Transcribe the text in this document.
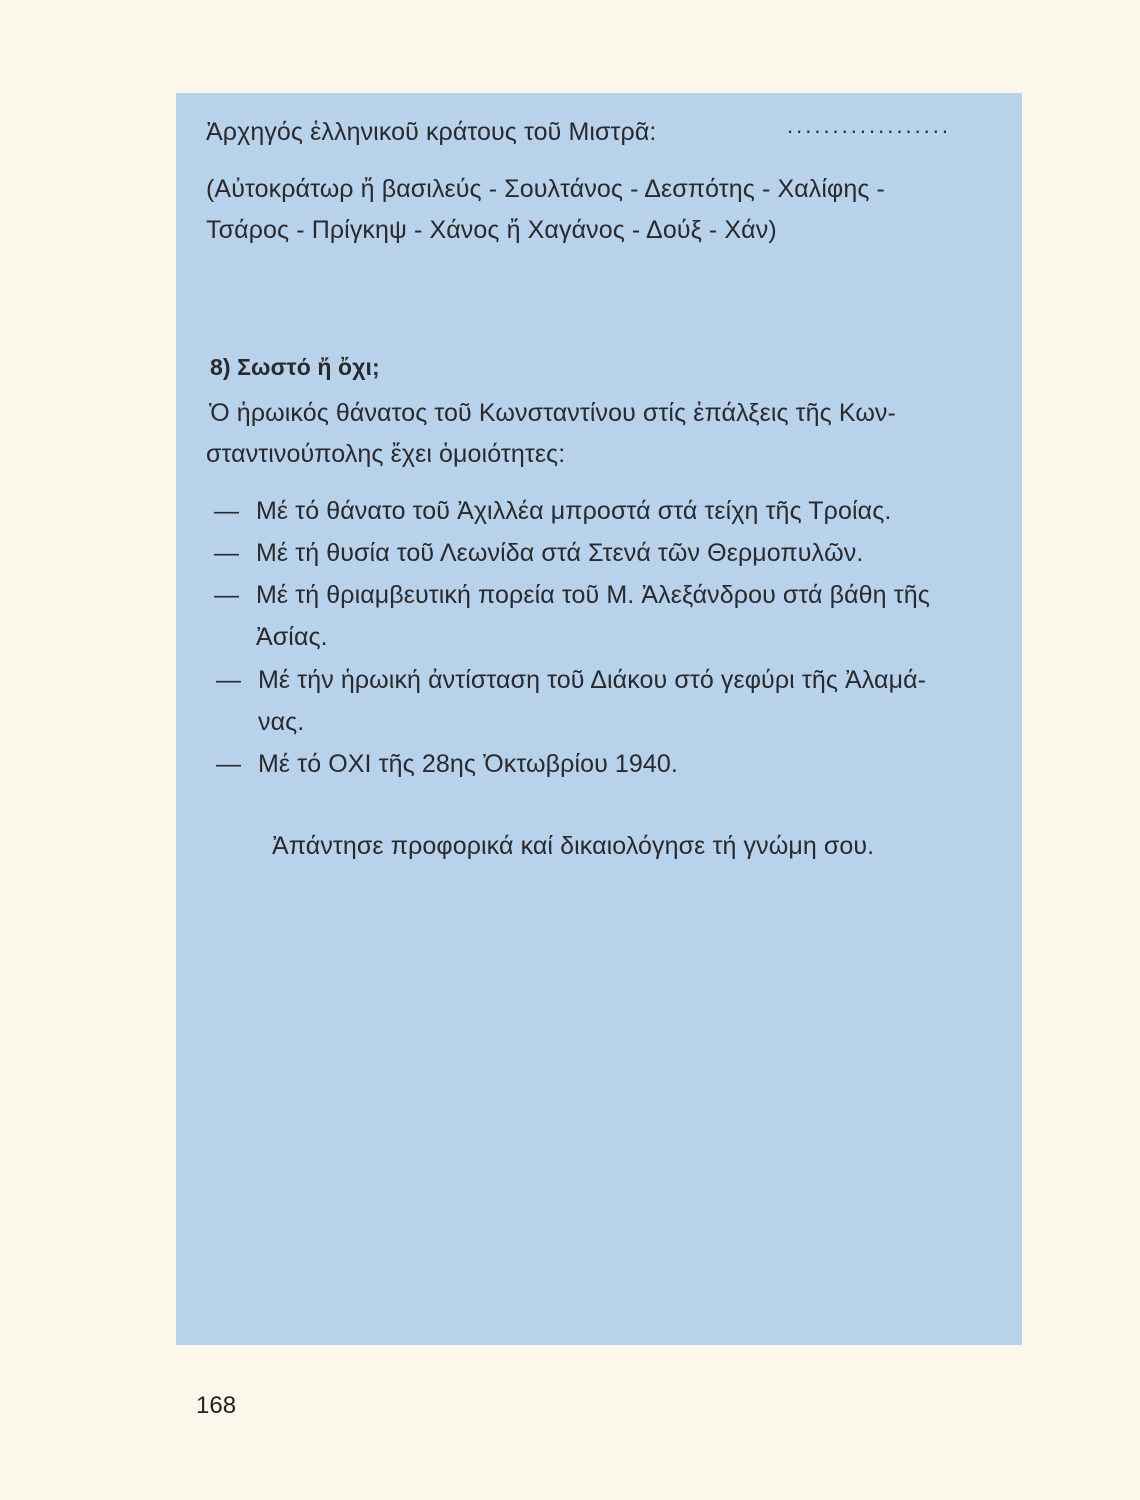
Ἀρχηγός ἑλληνικοῦ κράτους τοῦ Μιστρᾶ:	..................
(Αὐτοκράτωρ ἤ βασιλεύς - Σουλτάνος - Δεσπότης - Χαλίφης -
Τσάρος - Πρίγκηψ - Χάνος ἤ Χαγάνος - Δούξ - Χάν)
8) Σωστό ἤ ὄχι;
Ὁ ἡρωικός θάνατος τοῦ Κωνσταντίνου στίς ἐπάλξεις τῆς Κων-
σταντινούπολης ἔχει ὁμοιότητες:
— Μέ τό θάνατο τοῦ Ἀχιλλέα μπροστά στά τείχη τῆς Τροίας.
— Μέ τή θυσία τοῦ Λεωνίδα στά Στενά τῶν Θερμοπυλῶν.
— Μέ τή θριαμβευτική πορεία τοῦ Μ. Ἀλεξάνδρου στά βάθη τῆς
Ἀσίας.
— Μέ τήν ἡρωική ἀντίσταση τοῦ Διάκου στό γεφύρι τῆς Ἀλαμά-
νας.
— Μέ τό ΟΧΙ τῆς 28ης Ὀκτωβρίου 1940.
Ἀπάντησε προφορικά καί δικαιολόγησε τή γνώμη σου.
168
